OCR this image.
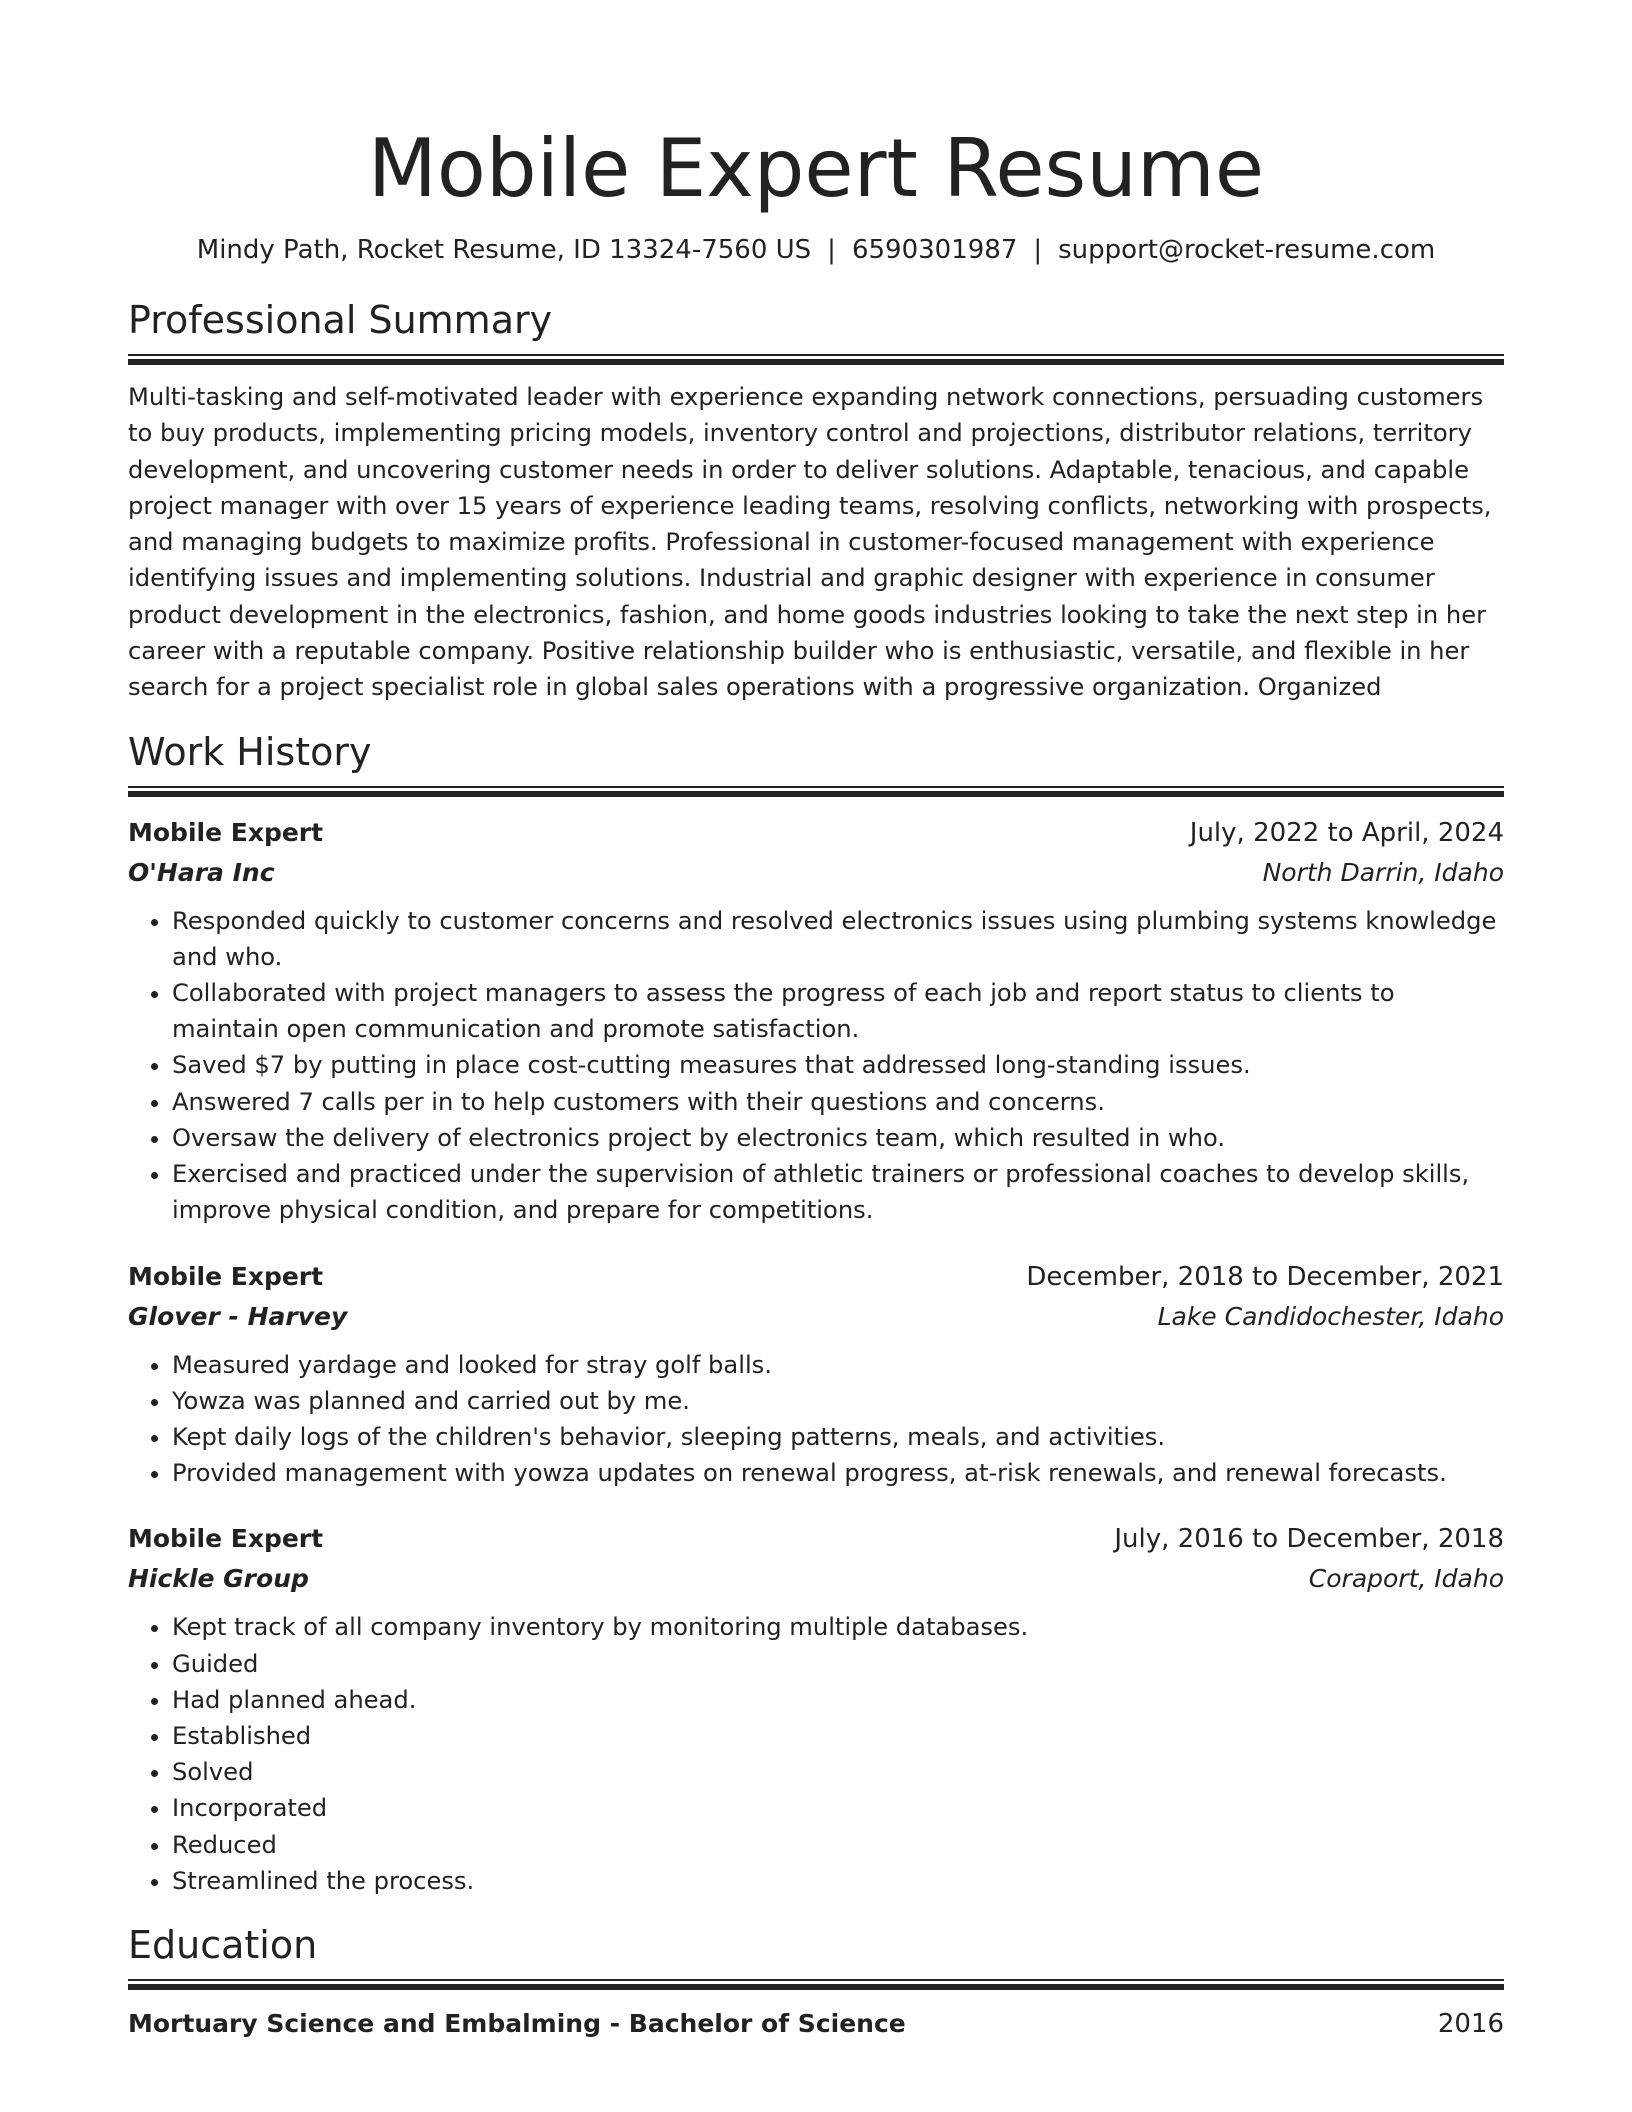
Mobile Expert Resume
Mindy Path, Rocket Resume, ID 13324-7560 US | 6590301987 | support@rocket-resume.com
Professional Summary
Multi-tasking and self-motivated leader with experience expanding network connections, persuading customers to buy products, implementing pricing models, inventory control and projections, distributor relations, territory development, and uncovering customer needs in order to deliver solutions. Adaptable, tenacious, and capable project manager with over 15 years of experience leading teams, resolving conflicts, networking with prospects, and managing budgets to maximize profits. Professional in customer-focused management with experience identifying issues and implementing solutions. Industrial and graphic designer with experience in consumer product development in the electronics, fashion, and home goods industries looking to take the next step in her career with a reputable company. Positive relationship builder who is enthusiastic, versatile, and flexible in her search for a project specialist role in global sales operations with a progressive organization. Organized
Work History
Mobile Expert	July, 2022 to April, 2024
O'Hara Inc	North Darrin, Idaho
• Responded quickly to customer concerns and resolved electronics issues using plumbing systems knowledge and who.
• Collaborated with project managers to assess the progress of each job and report status to clients to maintain open communication and promote satisfaction.
• Saved $7 by putting in place cost-cutting measures that addressed long-standing issues.
• Answered 7 calls per in to help customers with their questions and concerns.
• Oversaw the delivery of electronics project by electronics team, which resulted in who.
• Exercised and practiced under the supervision of athletic trainers or professional coaches to develop skills, improve physical condition, and prepare for competitions.
Mobile Expert	December, 2018 to December, 2021
Glover - Harvey	Lake Candidochester, Idaho
• Measured yardage and looked for stray golf balls.
• Yowza was planned and carried out by me.
• Kept daily logs of the children's behavior, sleeping patterns, meals, and activities.
• Provided management with yowza updates on renewal progress, at-risk renewals, and renewal forecasts.
Mobile Expert	July, 2016 to December, 2018
Hickle Group	Coraport, Idaho
• Kept track of all company inventory by monitoring multiple databases.
• Guided
• Had planned ahead.
• Established
• Solved
• Incorporated
• Reduced
• Streamlined the process.
Education
Mortuary Science and Embalming - Bachelor of Science	2016
